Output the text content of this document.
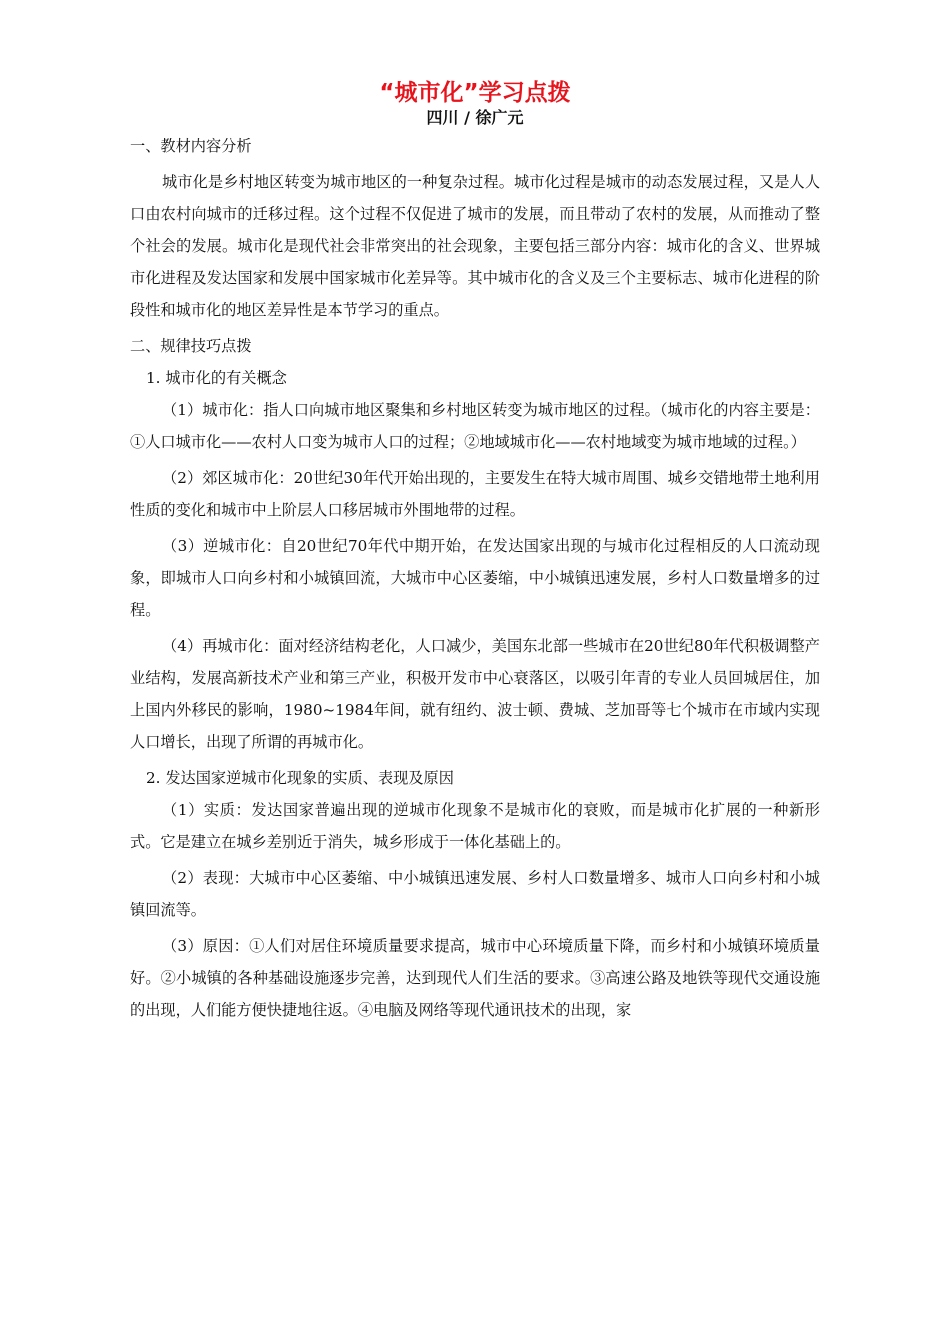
“城市化”学习点拨
四川 / 徐广元
一、教材内容分析

城市化是乡村地区转变为城市地区的一种复杂过程。城市化过程是城市的动态发展过程，又是人人口由农村向城市的迁移过程。这个过程不仅促进了城市的发展，而且带动了农村的发展，从而推动了整个社会的发展。城市化是现代社会非常突出的社会现象，主要包括三部分内容：城市化的含义、世界城市化进程及发达国家和发展中国家城市化差异等。其中城市化的含义及三个主要标志、城市化进程的阶段性和城市化的地区差异性是本节学习的重点。

二、规律技巧点拨
1. 城市化的有关概念

（1）城市化：指人口向城市地区聚集和乡村地区转变为城市地区的过程。（城市化的内容主要是：①人口城市化——农村人口变为城市人口的过程；②地域城市化——农村地域变为城市地域的过程。）

（2）郊区城市化：20世纪30年代开始出现的，主要发生在特大城市周围、城乡交错地带土地利用性质的变化和城市中上阶层人口移居城市外围地带的过程。

（3）逆城市化：自20世纪70年代中期开始，在发达国家出现的与城市化过程相反的人口流动现象，即城市人口向乡村和小城镇回流，大城市中心区萎缩，中小城镇迅速发展，乡村人口数量增多的过程。

（4）再城市化：面对经济结构老化，人口减少，美国东北部一些城市在20世纪80年代积极调整产业结构，发展高新技术产业和第三产业，积极开发市中心衰落区，以吸引年青的专业人员回城居住，加上国内外移民的影响，1980~1984年间，就有纽约、波士顿、费城、芝加哥等七个城市在市域内实现人口增长，出现了所谓的再城市化。

2. 发达国家逆城市化现象的实质、表现及原因

（1）实质：发达国家普遍出现的逆城市化现象不是城市化的衰败，而是城市化扩展的一种新形式。它是建立在城乡差别近于消失，城乡形成于一体化基础上的。

（2）表现：大城市中心区萎缩、中小城镇迅速发展、乡村人口数量增多、城市人口向乡村和小城镇回流等。

（3）原因：①人们对居住环境质量要求提高，城市中心环境质量下降，而乡村和小城镇环境质量好。②小城镇的各种基础设施逐步完善，达到现代人们生活的要求。③高速公路及地铁等现代交通设施的出现，人们能方便快捷地往返。④电脑及网络等现代通讯技术的出现，家
